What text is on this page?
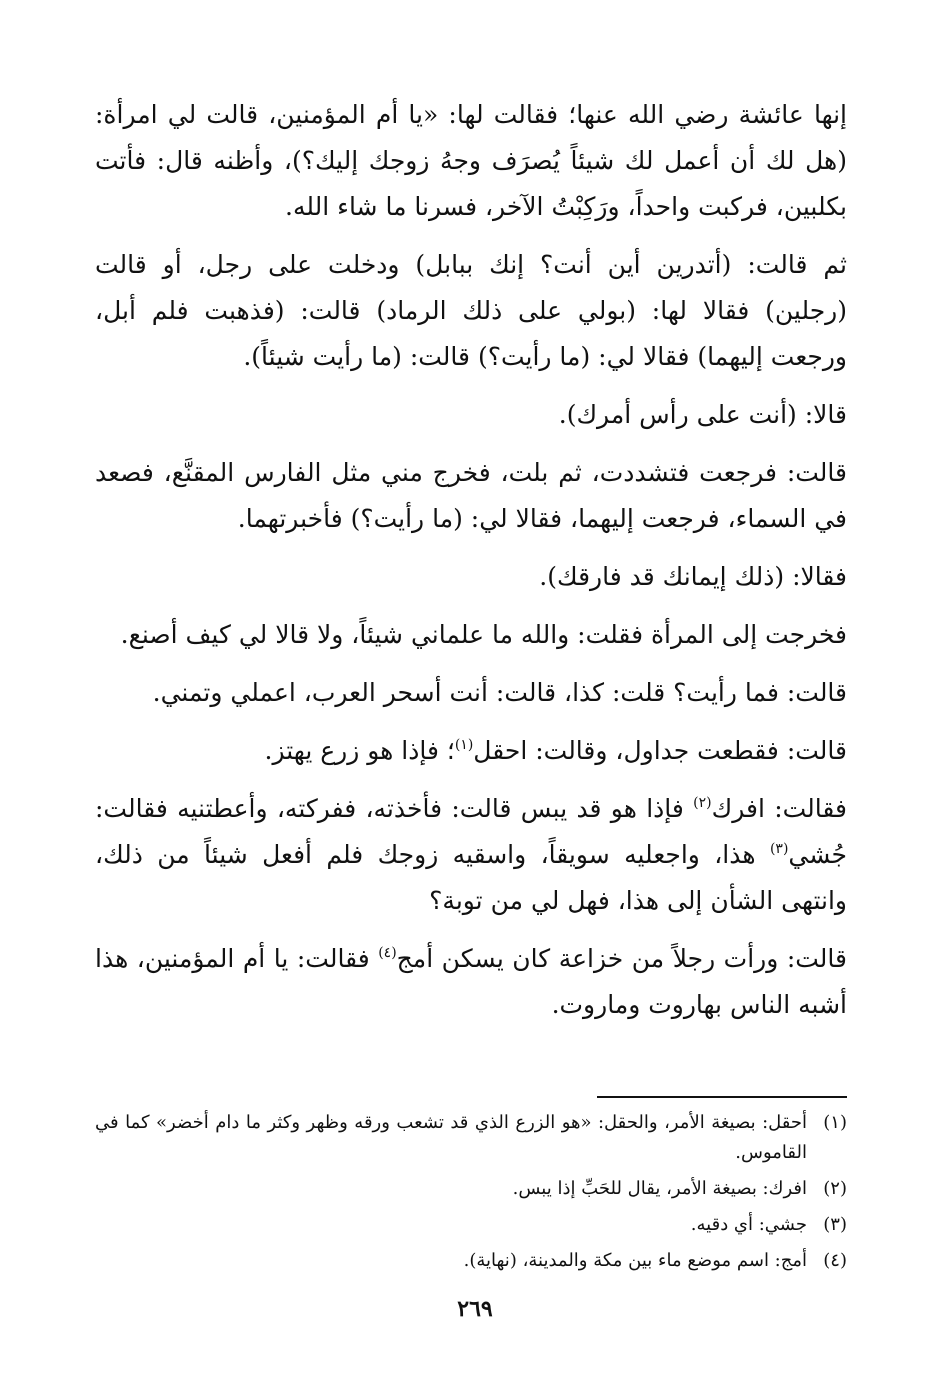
إنها عائشة رضي الله عنها؛ فقالت لها: «يا أم المؤمنين، قالت لي امرأة: (هل لك أن أعمل لك شيئاً يُصرَف وجهُ زوجك إليك؟)، وأظنه قال: فأتت بكلبين، فركبت واحداً، ورَكِبْتُ الآخر، فسرنا ما شاء الله.

ثم قالت: (أتدرين أين أنت؟ إنك ببابل) ودخلت على رجل، أو قالت (رجلين) فقالا لها: (بولي على ذلك الرماد) قالت: (فذهبت فلم أبل، ورجعت إليهما) فقالا لي: (ما رأيت؟) قالت: (ما رأيت شيئاً).

قالا: (أنت على رأس أمرك).

قالت: فرجعت فتشددت، ثم بلت، فخرج مني مثل الفارس المقنَّع، فصعد في السماء، فرجعت إليهما، فقالا لي: (ما رأيت؟) فأخبرتهما.

فقالا: (ذلك إيمانك قد فارقك).

فخرجت إلى المرأة فقلت: والله ما علماني شيئاً، ولا قالا لي كيف أصنع.

قالت: فما رأيت؟ قلت: كذا، قالت: أنت أسحر العرب، اعملي وتمني.

قالت: فقطعت جداول، وقالت: احقل$^{(١)}$؛ فإذا هو زرع يهتز.

فقالت: افرك$^{(٢)}$ فإذا هو قد يبس قالت: فأخذته، ففركته، وأعطتنيه فقالت: جُشي$^{(٣)}$ هذا، واجعليه سويقاً، واسقيه زوجك فلم أفعل شيئاً من ذلك، وانتهى الشأن إلى هذا، فهل لي من توبة؟

قالت: ورأت رجلاً من خزاعة كان يسكن أمج$^{(٤)}$ فقالت: يا أم المؤمنين، هذا أشبه الناس بهاروت وماروت.

(١)
أحقل: بصيغة الأمر، والحقل: «هو الزرع الذي قد تشعب ورقه وظهر وكثر ما دام أخضر» كما في القاموس.
(٢)
افرك: بصيغة الأمر، يقال للحَبِّ إذا يبس.
(٣)
جشي: أي دقيه.
(٤)
أمج: اسم موضع ماء بين مكة والمدينة، (نهاية).
٢٦٩
